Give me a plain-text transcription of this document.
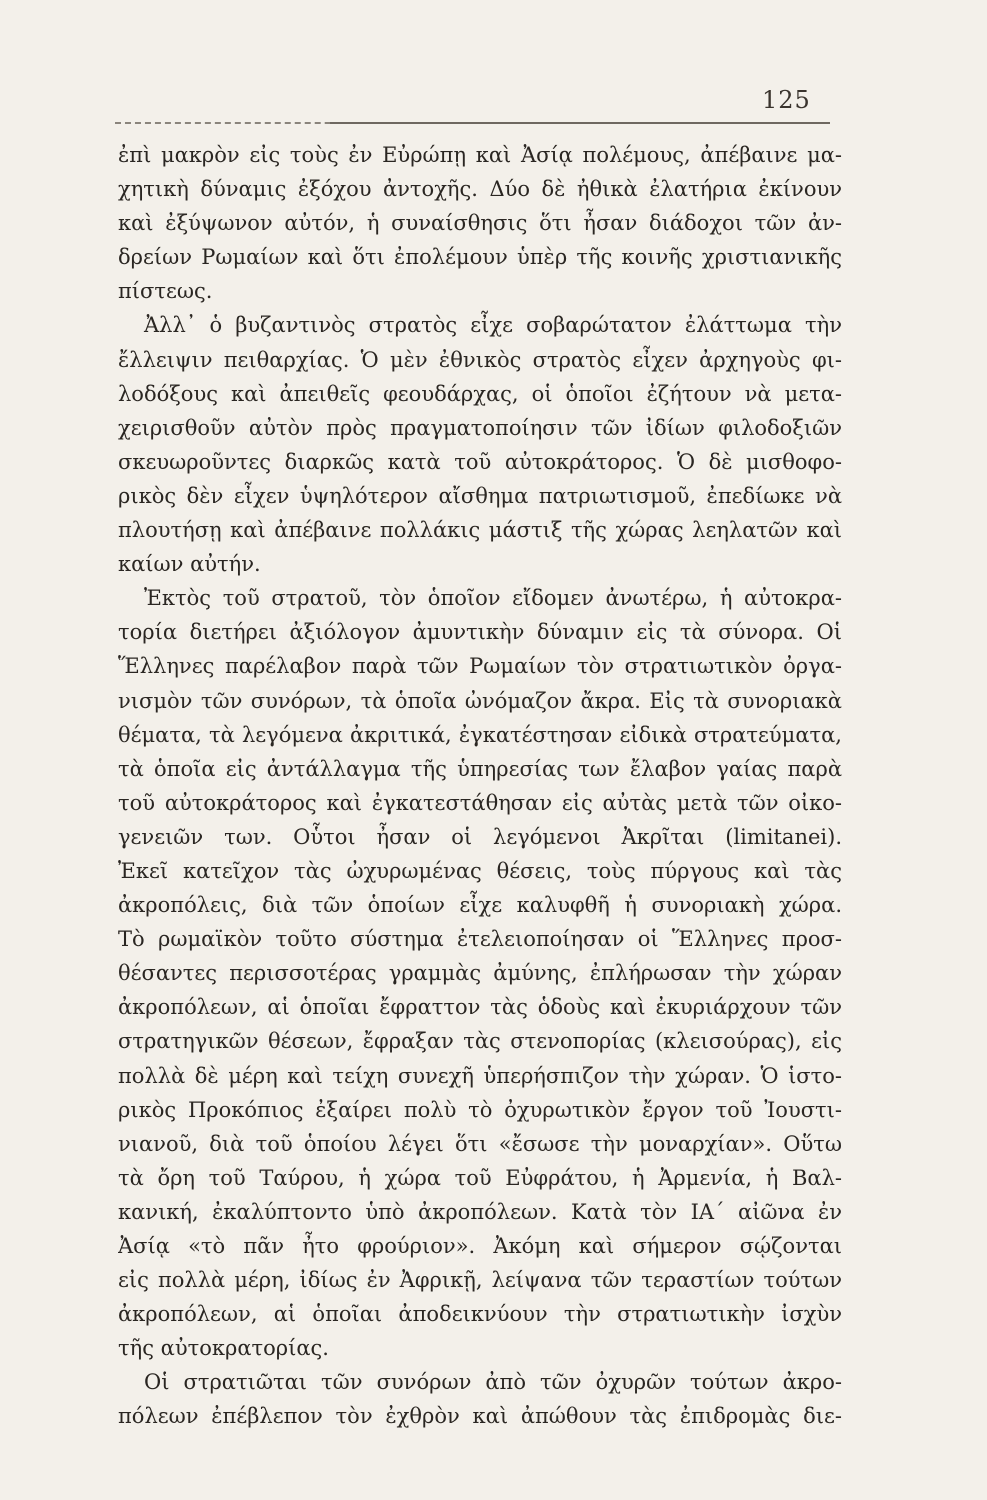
125
ἐπὶ μακρὸν εἰς τοὺς ἐν Εὐρώπῃ καὶ Ἀσίᾳ πολέμους, ἀπέβαινε μα-
χητικὴ δύναμις ἐξόχου ἀντοχῆς. Δύο δὲ ἠθικὰ ἐλατήρια ἐκίνουν
καὶ ἐξύψωνον αὐτόν, ἡ συναίσθησις ὅτι ἦσαν διάδοχοι τῶν ἀν-
δρείων Ρωμαίων καὶ ὅτι ἐπολέμουν ὑπὲρ τῆς κοινῆς χριστιανικῆς
πίστεως.
Ἀλλ᾽ ὁ βυζαντινὸς στρατὸς εἶχε σοβαρώτατον ἐλάττωμα τὴν
ἔλλειψιν πειθαρχίας. Ὁ μὲν ἐθνικὸς στρατὸς εἶχεν ἀρχηγοὺς φι-
λοδόξους καὶ ἀπειθεῖς φεουδάρχας, οἱ ὁποῖοι ἐζήτουν νὰ μετα-
χειρισθοῦν αὐτὸν πρὸς πραγματοποίησιν τῶν ἰδίων φιλοδοξιῶν
σκευωροῦντες διαρκῶς κατὰ τοῦ αὐτοκράτορος. Ὁ δὲ μισθοφο-
ρικὸς δὲν εἶχεν ὑψηλότερον αἴσθημα πατριωτισμοῦ, ἐπεδίωκε νὰ
πλουτήσῃ καὶ ἀπέβαινε πολλάκις μάστιξ τῆς χώρας λεηλατῶν καὶ
καίων αὐτήν.
Ἐκτὸς τοῦ στρατοῦ, τὸν ὁποῖον εἴδομεν ἀνωτέρω, ἡ αὐτοκρα-
τορία διετήρει ἀξιόλογον ἀμυντικὴν δύναμιν εἰς τὰ σύνορα. Οἱ
Ἕλληνες παρέλαβον παρὰ τῶν Ρωμαίων τὸν στρατιωτικὸν ὀργα-
νισμὸν τῶν συνόρων, τὰ ὁποῖα ὠνόμαζον ἄκρα. Εἰς τὰ συνοριακὰ
θέματα, τὰ λεγόμενα ἀκριτικά, ἐγκατέστησαν εἰδικὰ στρατεύματα,
τὰ ὁποῖα εἰς ἀντάλλαγμα τῆς ὑπηρεσίας των ἔλαβον γαίας παρὰ
τοῦ αὐτοκράτορος καὶ ἐγκατεστάθησαν εἰς αὐτὰς μετὰ τῶν οἰκο-
γενειῶν των. Οὗτοι ἦσαν οἱ λεγόμενοι Ἀκρῖται (limitanei).
Ἐκεῖ κατεῖχον τὰς ὠχυρωμένας θέσεις, τοὺς πύργους καὶ τὰς
ἀκροπόλεις, διὰ τῶν ὁποίων εἶχε καλυφθῆ ἡ συνοριακὴ χώρα.
Τὸ ρωμαϊκὸν τοῦτο σύστημα ἐτελειοποίησαν οἱ Ἕλληνες προσ-
θέσαντες περισσοτέρας γραμμὰς ἀμύνης, ἐπλήρωσαν τὴν χώραν
ἀκροπόλεων, αἱ ὁποῖαι ἔφραττον τὰς ὁδοὺς καὶ ἐκυριάρχουν τῶν
στρατηγικῶν θέσεων, ἔφραξαν τὰς στενοπορίας (κλεισούρας), εἰς
πολλὰ δὲ μέρη καὶ τείχη συνεχῆ ὑπερήσπιζον τὴν χώραν. Ὁ ἱστο-
ρικὸς Προκόπιος ἐξαίρει πολὺ τὸ ὀχυρωτικὸν ἔργον τοῦ Ἰουστι-
νιανοῦ, διὰ τοῦ ὁποίου λέγει ὅτι «ἔσωσε τὴν μοναρχίαν». Οὕτω
τὰ ὄρη τοῦ Ταύρου, ἡ χώρα τοῦ Εὐφράτου, ἡ Ἀρμενία, ἡ Βαλ-
κανική, ἐκαλύπτοντο ὑπὸ ἀκροπόλεων. Κατὰ τὸν ΙΑ´ αἰῶνα ἐν
Ἀσίᾳ «τὸ πᾶν ἦτο φρούριον». Ἀκόμη καὶ σήμερον σῴζονται
εἰς πολλὰ μέρη, ἰδίως ἐν Ἀφρικῇ, λείψανα τῶν τεραστίων τούτων
ἀκροπόλεων, αἱ ὁποῖαι ἀποδεικνύουν τὴν στρατιωτικὴν ἰσχὺν
τῆς αὐτοκρατορίας.
Οἱ στρατιῶται τῶν συνόρων ἀπὸ τῶν ὀχυρῶν τούτων ἀκρο-
πόλεων ἐπέβλεπον τὸν ἐχθρὸν καὶ ἀπώθουν τὰς ἐπιδρομὰς διε-
